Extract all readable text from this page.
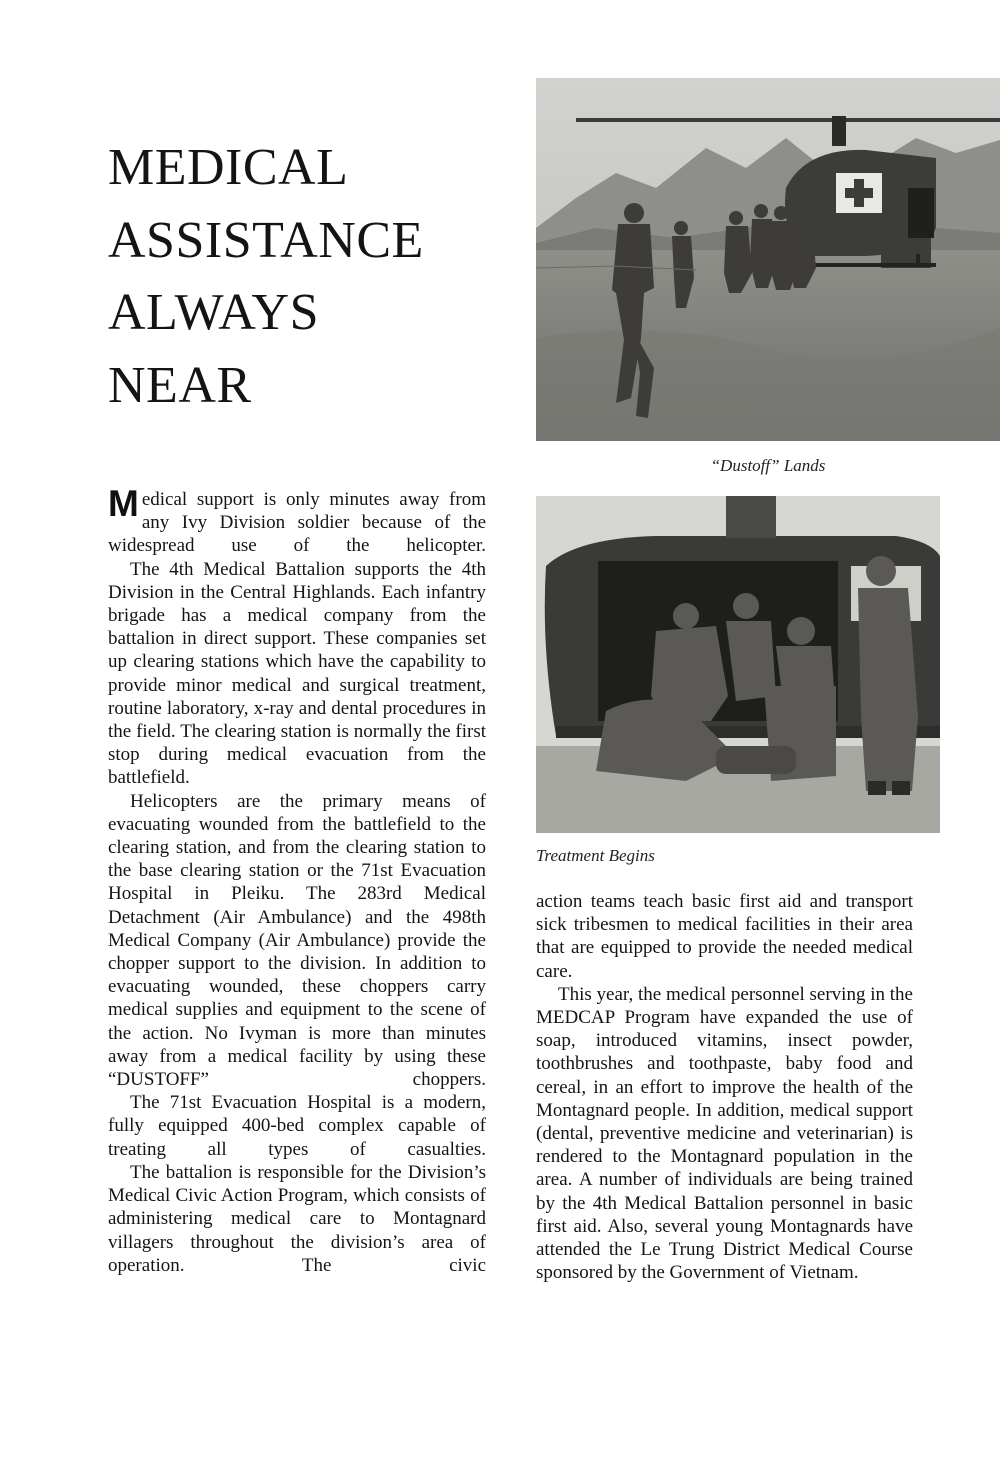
MEDICAL
ASSISTANCE
ALWAYS
NEAR
“Dustoff” Lands
Treatment Begins

Medical support is only minutes away from any Ivy Division soldier because of the widespread use of the helicopter.

The 4th Medical Battalion supports the 4th Division in the Central Highlands. Each infantry brigade has a medical company from the battalion in direct support. These companies set up clearing stations which have the capability to provide minor medical and surgical treatment, routine laboratory, x-ray and dental procedures in the field. The clearing station is normally the first stop during medical evacuation from the battlefield.

Helicopters are the primary means of evacuating wounded from the battlefield to the clearing station, and from the clearing station to the base clearing station or the 71st Evacuation Hospital in Pleiku. The 283rd Medical Detachment (Air Ambulance) and the 498th Medical Company (Air Ambulance) provide the chopper support to the division. In addition to evacuating wounded, these choppers carry medical supplies and equipment to the scene of the action. No Ivyman is more than minutes away from a medical facility by using these “DUSTOFF” choppers.

The 71st Evacuation Hospital is a modern, fully equipped 400-bed complex capable of treating all types of casualties.

The battalion is responsible for the Division’s Medical Civic Action Program, which consists of administering medical care to Montagnard villagers throughout the division’s area of operation. The civic

action teams teach basic first aid and transport sick tribesmen to medical facilities in their area that are equipped to provide the needed medical care.

This year, the medical personnel serving in the MEDCAP Program have expanded the use of soap, introduced vitamins, insect powder, toothbrushes and toothpaste, baby food and cereal, in an effort to improve the health of the Montagnard people. In addition, medical support (dental, preventive medicine and veterinarian) is rendered to the Montagnard population in the area. A number of individuals are being trained by the 4th Medical Battalion personnel in basic first aid. Also, several young Montagnards have attended the Le Trung District Medical Course sponsored by the Government of Vietnam.
